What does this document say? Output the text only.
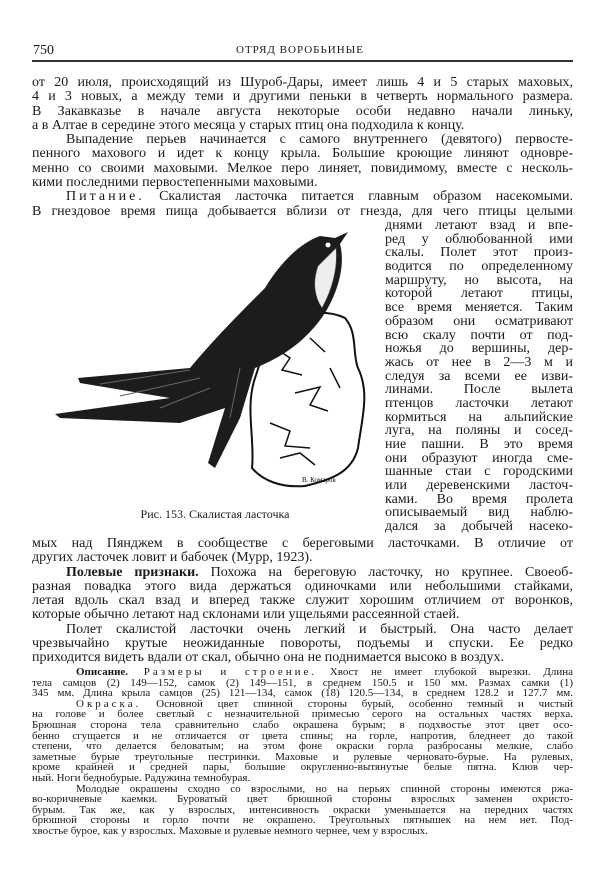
750	ОТРЯД ВОРОБЬИНЫЕ
от 20 июля, происходящий из Шуроб-Дары, имеет лишь 4 и 5 старых маховых,
4 и 3 новых, а между теми и другими пеньки в четверть нормального размера.
В Закавказье в начале августа некоторые особи недавно начали линьку,
а в Алтае в середине этого месяца у старых птиц она подходила к концу.
Выпадение перьев начинается с самого внутреннего (девятого) первосте-
пенного махового и идет к концу крыла. Большие кроющие линяют одновре-
менно со своими маховыми. Мелкое перо линяет, повидимому, вместе с несколь-
кими последними первостепенными маховыми.
Питание. Скалистая ласточка питается главным образом насекомыми.
В гнездовое время пища добывается вблизи от гнезда, для чего птицы целыми
днями летают взад и впе-
ред у облюбованной ими
скалы. Полет этот произ-
водится по определенному
маршруту, но высота, на
которой летают птицы,
все время меняется. Таким
образом они осматривают
всю скалу почти от под-
ножья до вершины, дер-
жась от нее в 2—3 м и
следуя за всеми ее изви-
линами. После вылета
птенцов ласточки летают
кормиться на альпийские
луга, на поляны и сосед-
ние пашни. В это время
они образуют иногда сме-
шанные стаи с городскими
или деревенскими ласточ-
ками. Во время пролета
описываемый вид наблю-
дался за добычей насеко-
мых над Пянджем в сообществе с береговыми ласточками. В отличие от
других ласточек ловит и бабочек (Мурр, 1923).
Полевые признаки. Похожа на береговую ласточку, но крупнее. Своеоб-
разная повадка этого вида держаться одиночками или небольшими стайками,
летая вдоль скал взад и вперед также служит хорошим отличием от воронков,
которые обычно летают над склонами или ущельями рассеянной стаей.
Полет скалистой ласточки очень легкий и быстрый. Она часто делает
чрезвычайно крутые неожиданные повороты, подъемы и спуски. Ее редко
приходится видеть вдали от скал, обычно она не поднимается высоко в воздух.
Описание. Размеры и строение. Хвост не имеет глубокой вырезки. Длина
тела самцов (2) 149—152, самок (2) 149—151, в среднем 150.5 и 150 мм. Размах самки (1)
345 мм. Длина крыла самцов (25) 121—134, самок (18) 120.5—134, в среднем 128.2 и 127.7 мм.
Окраска. Основной цвет спинной стороны бурый, особенно темный и чистый
на голове и более светлый с незначительной примесью серого на остальных частях верха.
Брюшная сторона тела сравнительно слабо окрашена бурым; в подхвостье этот цвет осо-
бенно сгущается и не отличается от цвета спины; на горле, напротив, бледнеет до такой
степени, что делается беловатым; на этом фоне окраски горла разбросаны мелкие, слабо
заметные бурые треугольные пестринки. Маховые и рулевые черновато-бурые. На рулевых,
кроме крайней и средней пары, большие округленно-вытянутые белые пятна. Клюв чер-
ный. Ноги беднобурые. Радужина темнобурая.
Молодые окрашены сходно со взрослыми, но на перьях спинной стороны имеются ржа-
во-коричневые каемки. Буроватый цвет брюшной стороны взрослых заменен охристо-
бурым. Так же, как у взрослых, интенсивность окраски уменьшается на передних частях
брюшной стороны и горло почти не окрашено. Треугольных пятнышек на нем нет. Под-
хвостье бурое, как у взрослых. Маховые и рулевые немного чернее, чем у взрослых.
В. Комаров
Рис. 153. Скалистая ласточка
